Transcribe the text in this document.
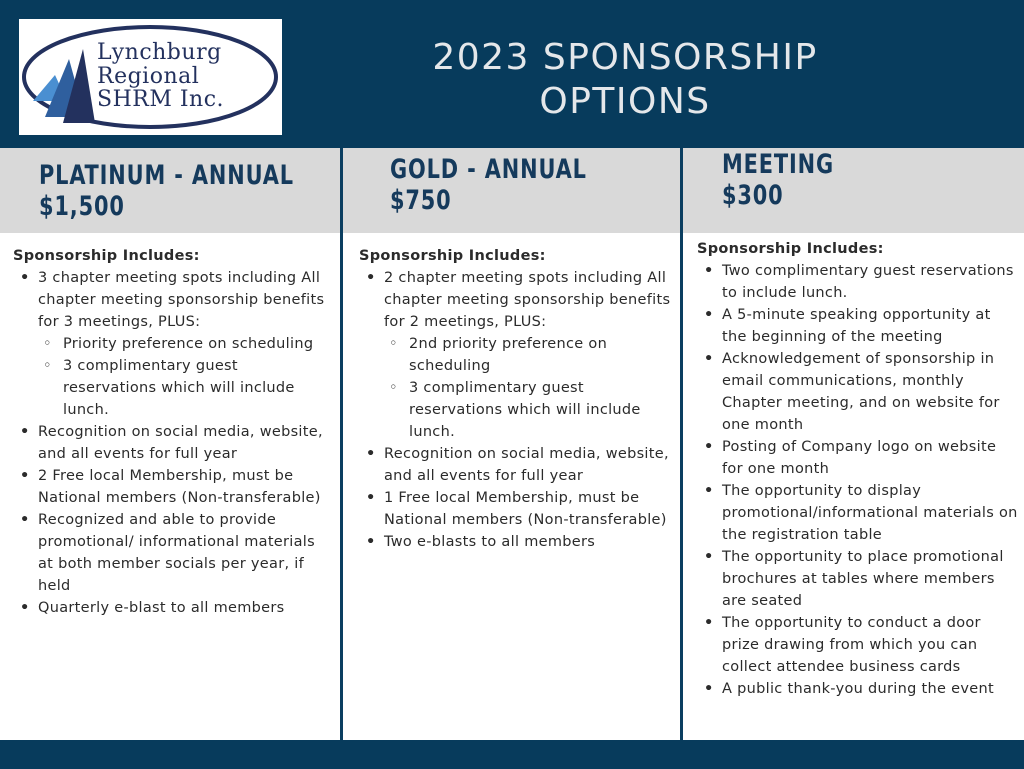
Lynchburg
Regional
SHRM Inc.
2023 SPONSORSHIP
OPTIONS
PLATINUM - ANNUAL
$1,500
GOLD - ANNUAL
$750
MEETING
$300
Sponsorship Includes:
• 3 chapter meeting spots including All chapter meeting sponsorship benefits for 3 meetings, PLUS:
◦ Priority preference on scheduling
◦ 3 complimentary guest reservations which will include lunch.
• Recognition on social media, website, and all events for full year
• 2 Free local Membership, must be National members (Non-transferable)
• Recognized and able to provide promotional/ informational materials at both member socials per year, if held
• Quarterly e-blast to all members
Sponsorship Includes:
• 2 chapter meeting spots including All chapter meeting sponsorship benefits for 2 meetings, PLUS:
◦ 2nd priority preference on scheduling
◦ 3 complimentary guest reservations which will include lunch.
• Recognition on social media, website, and all events for full year
• 1 Free local Membership, must be National members (Non-transferable)
• Two e-blasts to all members
Sponsorship Includes:
• Two complimentary guest reservations to include lunch.
• A 5-minute speaking opportunity at the beginning of the meeting
• Acknowledgement of sponsorship in email communications, monthly Chapter meeting, and on website for one month
• Posting of Company logo on website for one month
• The opportunity to display promotional/informational materials on the registration table
• The opportunity to place promotional brochures at tables where members are seated
• The opportunity to conduct a door prize drawing from which you can collect attendee business cards
• A public thank-you during the event
